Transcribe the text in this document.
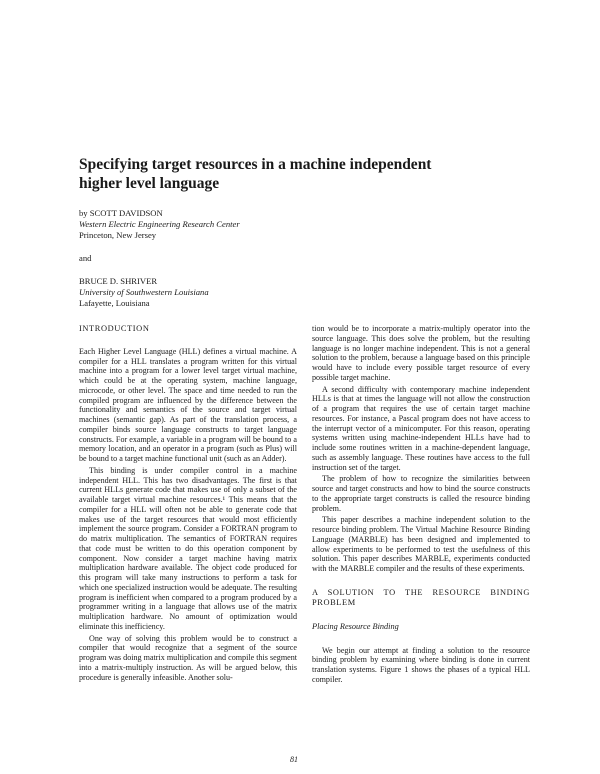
Specifying target resources in a machine independent
higher level language
by SCOTT DAVIDSON
Western Electric Engineering Research Center
Princeton, New Jersey
and
BRUCE D. SHRIVER
University of Southwestern Louisiana
Lafayette, Louisiana
INTRODUCTION

Each Higher Level Language (HLL) defines a virtual machine. A compiler for a HLL translates a program written for this virtual machine into a program for a lower level target virtual machine, which could be at the operating system, machine language, microcode, or other level. The space and time needed to run the compiled program are influenced by the difference between the functionality and semantics of the source and target virtual machines (semantic gap). As part of the translation process, a compiler binds source language constructs to target language constructs. For example, a variable in a program will be bound to a memory location, and an operator in a program (such as Plus) will be bound to a target machine functional unit (such as an Adder).

This binding is under compiler control in a machine independent HLL. This has two disadvantages. The first is that current HLLs generate code that makes use of only a subset of the available target virtual machine resources.¹ This means that the compiler for a HLL will often not be able to generate code that makes use of the target resources that would most efficiently implement the source program. Consider a FORTRAN program to do matrix multiplication. The semantics of FORTRAN requires that code must be written to do this operation component by component. Now consider a target machine having matrix multiplication hardware available. The object code produced for this program will take many instructions to perform a task for which one specialized instruction would be adequate. The resulting program is inefficient when compared to a program produced by a programmer writing in a language that allows use of the matrix multiplication hardware. No amount of optimization would eliminate this inefficiency.

One way of solving this problem would be to construct a compiler that would recognize that a segment of the source program was doing matrix multiplication and compile this segment into a matrix-multiply instruction. As will be argued below, this procedure is generally infeasible. Another solu-

tion would be to incorporate a matrix-multiply operator into the source language. This does solve the problem, but the resulting language is no longer machine independent. This is not a general solution to the problem, because a language based on this principle would have to include every possible target resource of every possible target machine.

A second difficulty with contemporary machine independent HLLs is that at times the language will not allow the construction of a program that requires the use of certain target machine resources. For instance, a Pascal program does not have access to the interrupt vector of a minicomputer. For this reason, operating systems written using machine-independent HLLs have had to include some routines written in a machine-dependent language, such as assembly language. These routines have access to the full instruction set of the target.

The problem of how to recognize the similarities between source and target constructs and how to bind the source constructs to the appropriate target constructs is called the resource binding problem.

This paper describes a machine independent solution to the resource binding problem. The Virtual Machine Resource Binding Language (MARBLE) has been designed and implemented to allow experiments to be performed to test the usefulness of this solution. This paper describes MARBLE, experiments conducted with the MARBLE compiler and the results of these experiments.

A SOLUTION TO THE RESOURCE BINDING PROBLEM
Placing Resource Binding

We begin our attempt at finding a solution to the resource binding problem by examining where binding is done in current translation systems. Figure 1 shows the phases of a typical HLL compiler.

81
